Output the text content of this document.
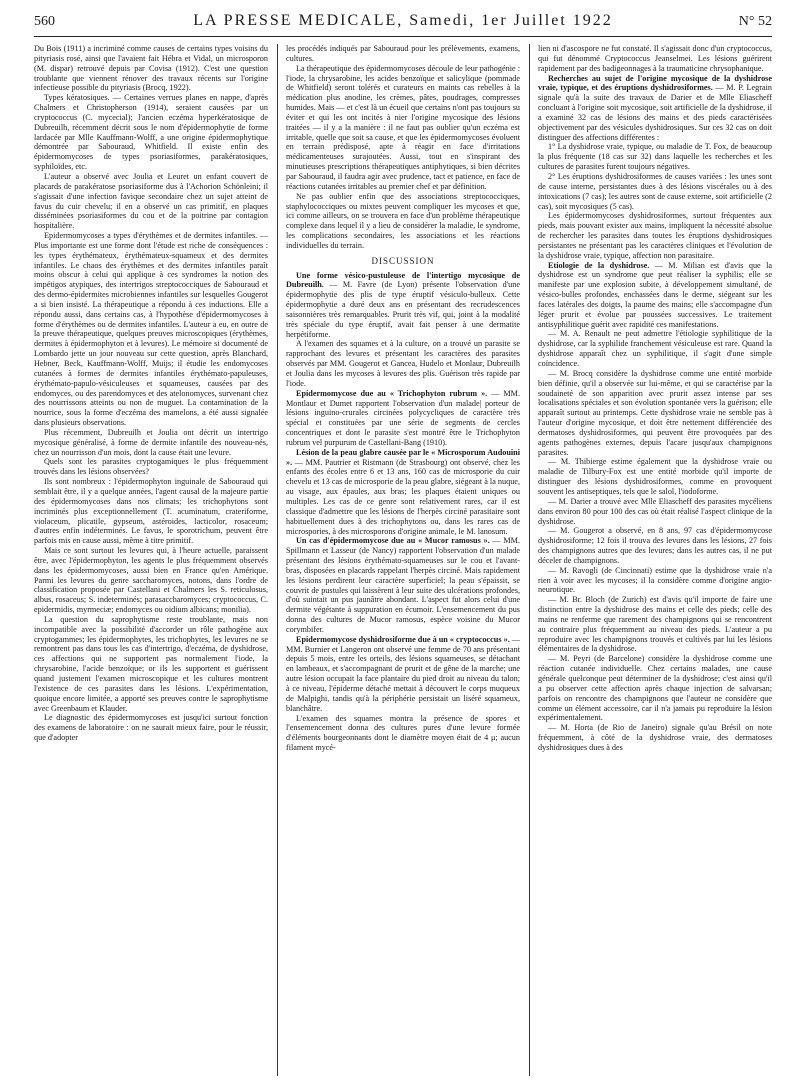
560	LA PRESSE MEDICALE, Samedi, 1er Juillet 1922	N° 52

Du Bois (1911) a incriminé comme causes de certains types voisins du pityriasis rosé, ainsi que l'avaient fait Hébra et Vidal, un microsporon (M. dispar) retrouvé depuis par Covisa (1912). C'est une question troublante que viennent rénover des travaux récents sur l'origine infectieuse possible du pityriasis (Brocq, 1922).

Types kératosiques. — Certaines verrues planes en nappe, d'après Chalmers et Christopherson (1914), seraient causées par un cryptococcus (C. mycecial); l'ancien eczéma hyperkératosique de Dubreuilh, récemment décrit sous le nom d'épidermophytie de forme lardacée par Mlle Kauffmann-Wolff, a une origine épidermophytique démontrée par Sabouraud, Whitfield. Il existe enfin des épidermomycoses de types psoriasiformes, parakératosiques, syphiloïdes, etc.

L'auteur a observé avec Joulia et Leuret un enfant couvert de placards de parakératose psoriasiforme dus à l'Achorion Schönleini; il s'agissait d'une infection favique secondaire chez un sujet atteint de favus du cuir chevelu; il en a observé un cas primitif, en plaques disséminées psoriasiformes du cou et de la poitrine par contagion hospitalière.

Epidermomycoses a types d'érythèmes et de dermites infantiles. — Plus importante est une forme dont l'étude est riche de conséquences : les types érythémateux, érythémateux-squameux et des dermites infantiles. Le chaos des érythèmes et des dermites infantiles paraît moins obscur à celui qui applique à ces syndromes la notion des impétigos atypiques, des intertrigos streptococciques de Sabouraud et des dermo-épidermites microbiennes infantiles sur lesquelles Gougerot a si bien insisté. La thérapeutique a répondu à ces inductions. Elle a répondu aussi, dans certains cas, à l'hypothèse d'épidermomycoses à forme d'érythèmes ou de dermites infantiles. L'auteur a eu, en outre de la preuve thérapeutique, quelques preuves microscopiques (érythèmes, dermites à épidermophyton et à levures). Le mémoire si documenté de Lombardo jette un jour nouveau sur cette question, après Blanchard, Hebner, Beck, Kauffmann-Wolff, Muijs; il étudie les endomycoses cutanées à formes de dermites infantiles érythémato-papuleuses, érythémato-papulo-vésiculeuses et squameuses, causées par des endomyces, ou des parendomyces et des atelonomyces, survenant chez des nourrissons atteints ou non de muguet. La contamination de la nourrice, sous la forme d'eczéma des mamelons, a été aussi signalée dans plusieurs observations.

Plus récemment, Dubreuilh et Joulia ont décrit un intertrigo mycosique généralisé, à forme de dermite infantile des nouveau-nés, chez un nourrisson d'un mois, dont la cause était une levure.

Quels sont les parasites cryptogamiques le plus fréquemment trouvés dans les lésions observées?

Ils sont nombreux : l'épidermophyton inguinale de Sabouraud qui semblait être, il y a quelque années, l'agent causal de la majeure partie des épidermomycoses dans nos climats; les trichophytons sont incriminés plus exceptionnellement (T. acuminatum, crateriforme, violaceum, plicatile, gypseum, astéroides, lacticolor, rosaceum; d'autres enfin indéterminés. Le favus, le sporotrichum, peuvent être parfois mis en cause aussi, même à titre primitif.

Mais ce sont surtout les levures qui, à l'heure actuelle, paraissent être, avec l'épidermophyton, les agents le plus fréquemment observés dans les épidermomycoses, aussi bien en France qu'en Amérique. Parmi les levures du genre saccharomyces, notons, dans l'ordre de classification proposée par Castellani et Chalmers les S. reticulosus, albus, rosaceus; S. indeterminés; parasaccharomyces; cryptococcus, C. epidermidis, myrmeciæ; endomyces ou oidium albicans; monilia).

La question du saprophytisme reste troublante, mais non incompatible avec la possibilité d'accorder un rôle pathogène aux cryptogammes; les épidermophytes, les trichophytes, les levures ne se remontrent pas dans tous les cas d'intertrigo, d'eczéma, de dyshidrose, ces affections qui ne supportent pas normalement l'iode, la chrysarobine, l'acide benzoïque; or ils les supportent et guérissent quand justement l'examen microscopique et les cultures montrent l'existence de ces parasites dans les lésions. L'expérimentation, quoique encore limitée, a apporté ses preuves contre le saprophytisme avec Greenbaum et Klauder.

Le diagnostic des épidermomycoses est jusqu'ici surtout fonction des examens de laboratoire : on ne saurait mieux faire, pour le réussir, que d'adopter

les procédés indiqués par Sabouraud pour les prélèvements, examens, cultures.

La thérapeutique des épidermomycoses découle de leur pathogénie : l'iode, la chrysarobine, les acides benzoïque et salicylique (pommade de Whitfield) seront tolérés et curateurs en maints cas rebelles à la médication plus anodine, les crèmes, pâtes, poudrages, compresses humides. Mais — et c'est là un écueil que certains n'ont pas toujours su éviter et qui les ont incités à nier l'origine mycosique des lésions traitées — il y a la manière : il ne faut pas oublier qu'un eczéma est irritable, quelle que soit sa cause, et que les épidermomycoses évoluent en terrain prédisposé, apte à réagir en face d'irritations médicamenteuses surajoutées. Aussi, tout en s'inspirant des minutieuses prescriptions thérapeutiques antiphytiques, si bien décrites par Sabouraud, il faudra agir avec prudence, tact et patience, en face de réactions cutanées irritables au premier chef et par définition.

Ne pas oublier enfin que des associations streptococciques, staphylococciques ou mixtes peuvent compliquer les mycoses et que, ici comme ailleurs, on se trouvera en face d'un problème thérapeutique complexe dans lequel il y a lieu de considérer la maladie, le syndrome, les complications secondaires, les associations et les réactions individuelles du terrain.

DISCUSSION

Une forme vésico-pustuleuse de l'intertigo mycosique de Dubreuilh. — M. Favre (de Lyon) présente l'observation d'une épidermophytie des plis de type éruptif vésiculo-bulleux. Cette épidermophytie a duré deux ans en présentant des recrudescences saisonnières très remarquables. Prurit très vif, qui, joint à la modalité très spéciale du type éruptif, avait fait penser à une dermatite herpétiforme.

A l'examen des squames et à la culture, on a trouvé un parasite se rapprochant des levures et présentant les caractères des parasites observés par MM. Gougerot et Gancea, Hudelo et Monlaur, Dubreuilh et Joulia dans les mycoses à levures des plis. Guérison très rapide par l'iode.

Epidermomycose due au « Trichophyton rubrum ». — MM. Montlaur et Dumet rapportent l'observation d'un malade| porteur de lésions inguino-crurales circinées polycycliques de caractère très spécial et constituées par une série de segments de cercles concentriques et dont le parasite s'est montré être le Trichophyton rubrum vel purpurum de Castellani-Bang (1910).

Lésion de la peau glabre causée par le « Microsporum Audouini ». — MM. Pautrier et Ristmann (de Strasbourg) ont observé, chez les enfants des écoles entre 6 et 13 ans, 160 cas de microsporie du cuir chevelu et 13 cas de microsporie de la peau glabre, siégeant à la nuque, au visage, aux épaules, aux bras; les plaques étaient uniques ou multiples. Les cas de ce genre sont relativement rares, car il est classique d'admettre que les lésions de l'herpès circiné parasitaire sont habituellement dues à des trichophytons ou, dans les rares cas de microspories, à des microsporons d'origine animale, le M. lanosum.

Un cas d'épidermomycose due au « Mucor ramosus ». — MM. Spillmann et Lasseur (de Nancy) rapportent l'observation d'un malade présentant des lésions érythémato-squameuses sur le cou et l'avant-bras, disposées en placards rappelant l'herpès circiné. Mais rapidement les lésions perdirent leur caractère superficiel; la peau s'épaissit, se couvrit de pustules qui laissèrent à leur suite des ulcérations profondes, d'où suintait un pus jaunâtre abondant. L'aspect fut alors celui d'une dermite végétante à suppuration en écumoir. L'ensemencement du pus donna des cultures de Mucor ramosus, espèce voisine du Mucor corymbifer.

Epidermomycose dyshidrosiforme due à un « cryptococcus ». — MM. Burnier et Langeron ont observé une femme de 70 ans présentant depuis 5 mois, entre les orteils, des lésions squameuses, se détachant en lambeaux, et s'accompagnant de prurit et de gêne de la marche; une autre lésion occupait la face plantaire du pied droit au niveau du talon; à ce niveau, l'épiderme détaché mettait à découvert le corps muqueux de Malpighi, tandis qu'à la périphérie persistait un liséré squameux, blanchâtre.

L'examen des squames montra la présence de spores et l'ensemencement donna des cultures pures d'une levure formée d'éléments bourgeonnants dont le diamètre moyen était de 4 μ; aucun filament mycé-

lien ni d'ascospore ne fut constaté. Il s'agissait donc d'un cryptococcus, qui fut dénommé Cryptococcus Jeanselmei. Les lésions guérirent rapidement par des badigeonnages à la traumaticine chrysophanique.

Recherches au sujet de l'origine mycosique de la dyshidrose vraie, typique, et des éruptions dyshidrosiformes. — M. P. Legrain signale qu'à la suite des travaux de Darier et de Mlle Eliascheff concluant à l'origine soit mycosique, soit artificielle de la dyshidrose, il a examiné 32 cas de lésions des mains et des pieds caractérisées objectivement par des vésicules dyshidrosiques. Sur ces 32 cas on doit distinguer des affections différentes :

1° La dyshidrose vraie, typique, ou maladie de T. Fox, de beaucoup la plus fréquente (18 cas sur 32) dans laquelle les recherches et les cultures de parasites furent toujours négatives.

2° Les éruptions dyshidrosiformes de causes variées : les unes sont de cause interne, persistantes dues à des lésions viscérales ou à des intoxications (7 cas); les autres sont de cause externe, soit artificielle (2 cas), soit mycosiques (5 cas).

Les épidermomycoses dyshidrosiformes, surtout fréquentes aux pieds, mais pouvant exister aux mains, impliquent la nécessité absolue de rechercher les parasites dans toutes les éruptions dyshidrosiques persistantes ne présentant pas les caractères cliniques et l'évolution de la dyshidrose vraie, typique, affection non parasitaire.

Etiologie de la dyshidrose. — M. Milian est d'avis que la dyshidrose est un syndrome que peut réaliser la syphilis; elle se manifeste par une explosion subite, à développement simultané, de vésico-bulles profondes, enchassées dans le derme, siégeant sur les faces latérales des doigts, la paume des mains; elle s'accompagne d'un léger prurit et évolue par poussées successives. Le traitement antisyphilitique guérit avec rapidité ces manifestations.

— M. A. Renault ne peut admettre l'étiologie syphilitique de la dyshidrose, car la syphilide franchement vésiculeuse est rare. Quand la dyshidrose apparaît chez un syphilitique, il s'agit d'une simple coïncidence.

— M. Brocq considère la dyshidrose comme une entité morbide bien définie, qu'il a observée sur lui-même, et qui se caractérise par la soudaineté de son apparition avec prurit assez intense par ses localisations spéciales et son évolution spontanée vers la guérison; elle apparaît surtout au printemps. Cette dyshidrose vraie ne semble pas à l'auteur d'origine mycosique, et doit être nettement différenciée des dermatoses dyshidrosiformes, qui peuvent être provoquées par des agents pathogènes externes, depuis l'acare jusqu'aux champignons parasites.

— M. Thibierge estime également que la dyshidrose vraie ou maladie de Tilbury-Fox est une entité morbide qu'il importe de distinguer des lésions dyshidrosiformes, comme en provoquent souvent les antiseptiques, tels que le salol, l'iodoforme.

— M. Darier a trouvé avec Mlle Eliascheff des parasites mycéliens dans environ 80 pour 100 des cas où était réalisé l'aspect clinique de la dyshidrose.

— M. Gougerot a observé, en 8 ans, 97 cas d'épidermomycose dyshidrosiforme; 12 fois il trouva des levures dans les lésions, 27 fois des champignons autres que des levures; dans les autres cas, il ne put déceler de champignons.

— M. Ravogli (de Cincinnati) estime que la dyshidrose vraie n'a rien à voir avec les mycoses; il la considère comme d'origine angio-neurotique.

— M. Br. Bloch (de Zurich) est d'avis qu'il importe de faire une distinction entre la dyshidrose des mains et celle des pieds; celle des mains ne renferme que rarement des champignons qui se rencontrent au contraire plus fréquemment au niveau des pieds. L'auteur a pu reproduire avec les champignons trouvés et cultivés par lui les lésions élémentaires de la dyshidrose.

— M. Peyri (de Barcelone) considère la dyshidrose comme une réaction cutanée individuelle. Chez certains malades, une cause générale quelconque peut déterminer de la dyshidrose; c'est ainsi qu'il a pu observer cette affection après chaque injection de salvarsan; parfois on rencontre des champignons que l'auteur ne considère que comme un élément accessoire, car il n'a jamais pu reproduire la lésion expérimentalement.

— M. Horta (de Rio de Janeiro) signale qu'au Brésil on note fréquemment, à côté de la dyshidrose vraie, des dermatoses dyshidrosiques dues à des
